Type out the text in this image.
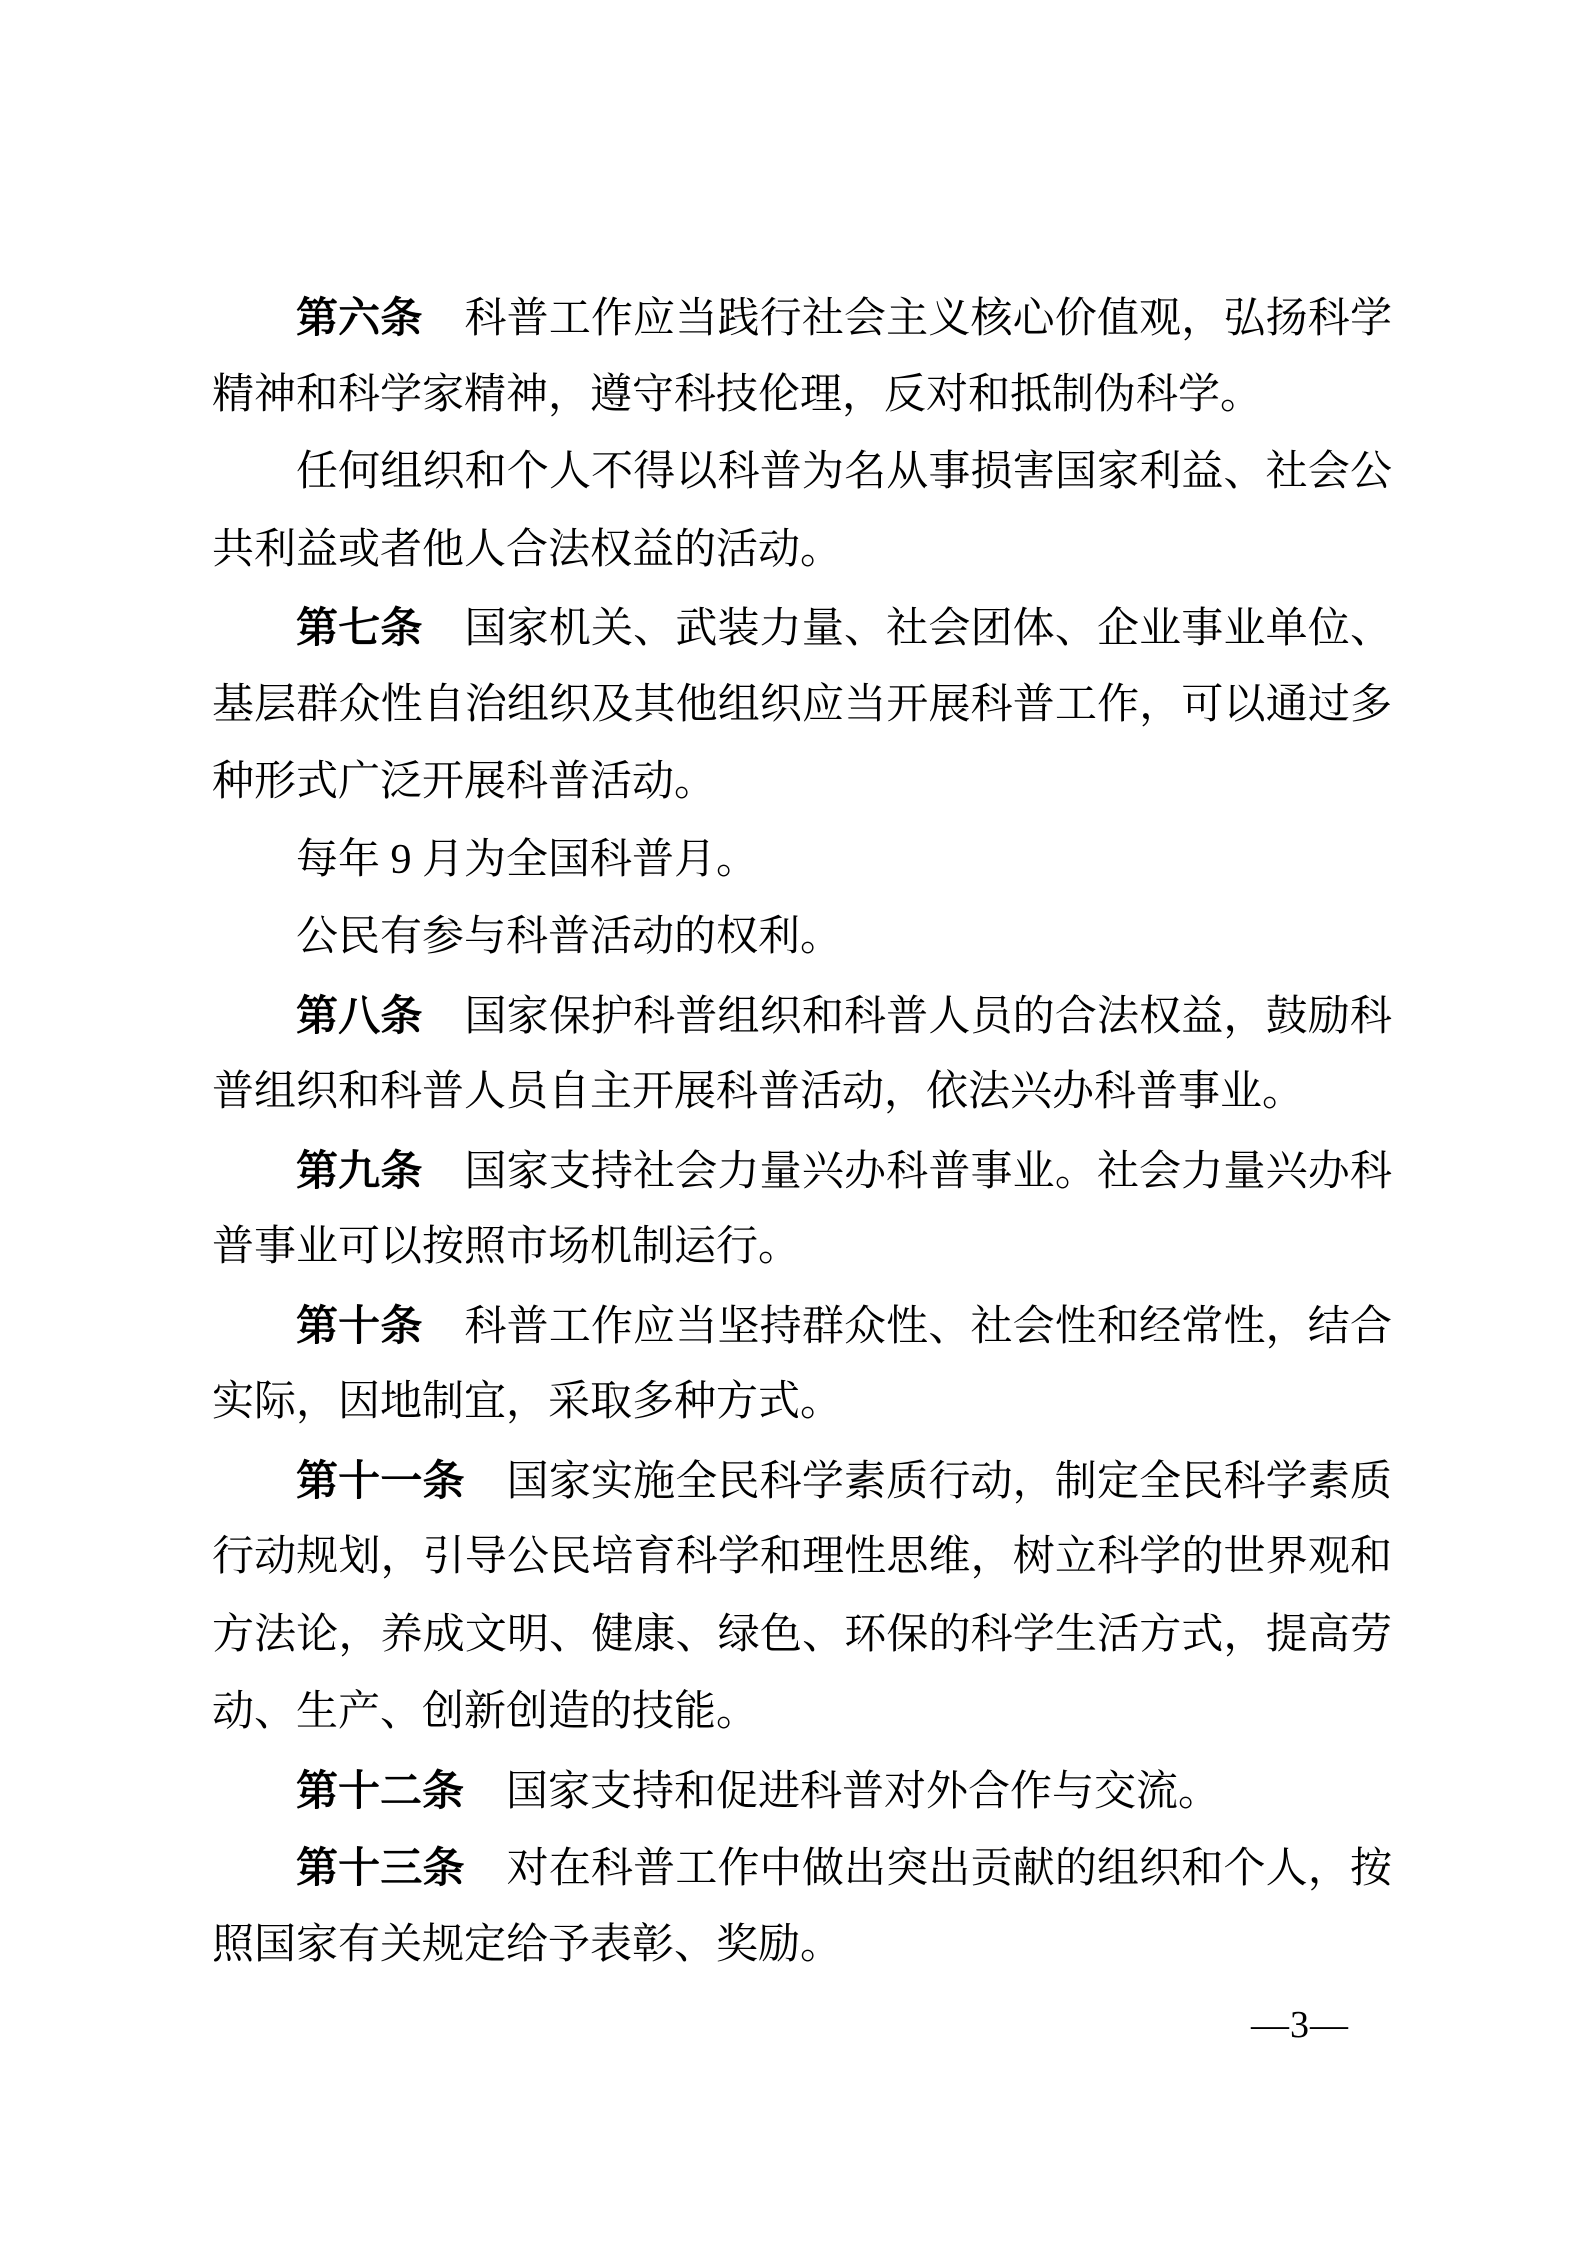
第六条 科普工作应当践行社会主义核心价值观，弘扬科学
精神和科学家精神，遵守科技伦理，反对和抵制伪科学。
任何组织和个人不得以科普为名从事损害国家利益、社会公
共利益或者他人合法权益的活动。
第七条 国家机关、武装力量、社会团体、企业事业单位、
基层群众性自治组织及其他组织应当开展科普工作，可以通过多
种形式广泛开展科普活动。
每年 9 月为全国科普月。
公民有参与科普活动的权利。
第八条 国家保护科普组织和科普人员的合法权益，鼓励科
普组织和科普人员自主开展科普活动，依法兴办科普事业。
第九条 国家支持社会力量兴办科普事业。社会力量兴办科
普事业可以按照市场机制运行。
第十条 科普工作应当坚持群众性、社会性和经常性，结合
实际，因地制宜，采取多种方式。
第十一条 国家实施全民科学素质行动，制定全民科学素质
行动规划，引导公民培育科学和理性思维，树立科学的世界观和
方法论，养成文明、健康、绿色、环保的科学生活方式，提高劳
动、生产、创新创造的技能。
第十二条 国家支持和促进科普对外合作与交流。
第十三条 对在科普工作中做出突出贡献的组织和个人，按
照国家有关规定给予表彰、奖励。
—3—
